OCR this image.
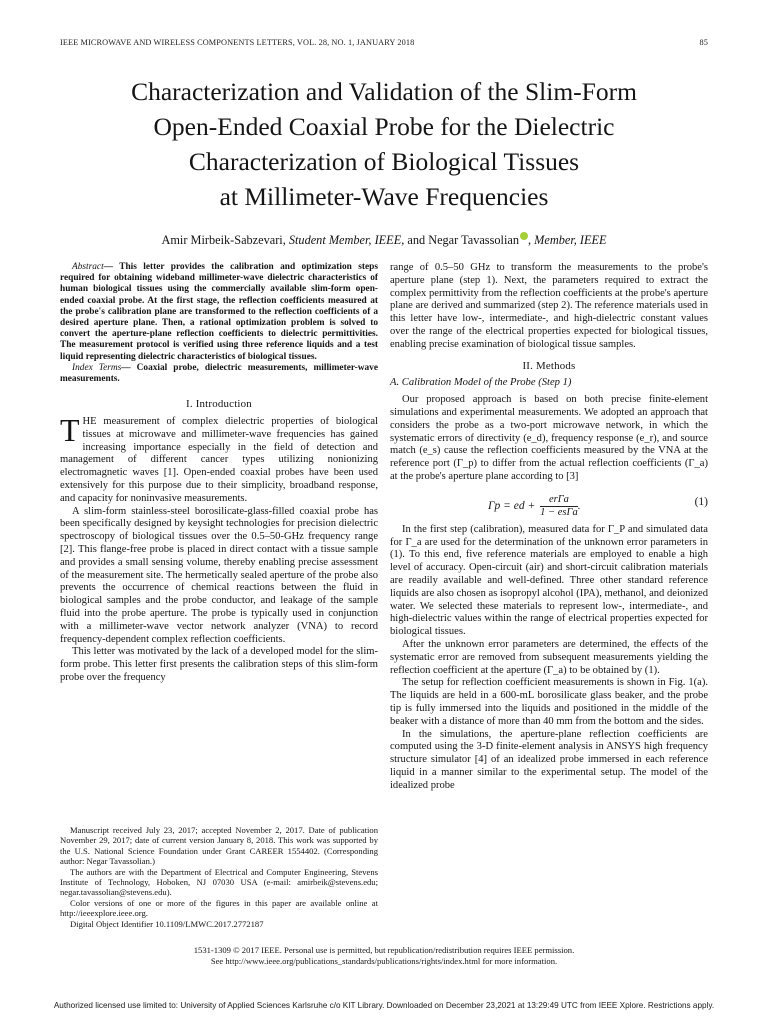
IEEE MICROWAVE AND WIRELESS COMPONENTS LETTERS, VOL. 28, NO. 1, JANUARY 2018	85
Characterization and Validation of the Slim-Form
Open-Ended Coaxial Probe for the Dielectric
Characterization of Biological Tissues
at Millimeter-Wave Frequencies
Amir Mirbeik-Sabzevari, Student Member, IEEE, and Negar Tavassolian , Member, IEEE

Abstract— This letter provides the calibration and optimization steps required for obtaining wideband millimeter-wave dielectric characteristics of human biological tissues using the commercially available slim-form open-ended coaxial probe. At the first stage, the reflection coefficients measured at the probe's calibration plane are transformed to the reflection coefficients of a desired aperture plane. Then, a rational optimization problem is solved to convert the aperture-plane reflection coefficients to dielectric permittivities. The measurement protocol is verified using three reference liquids and a test liquid representing dielectric characteristics of biological tissues.

Index Terms— Coaxial probe, dielectric measurements, millimeter-wave measurements.

I. Introduction

THE measurement of complex dielectric properties of biological tissues at microwave and millimeter-wave frequencies has gained increasing importance especially in the field of detection and management of different cancer types utilizing nonionizing electromagnetic waves [1]. Open-ended coaxial probes have been used extensively for this purpose due to their simplicity, broadband response, and capacity for noninvasive measurements.

A slim-form stainless-steel borosilicate-glass-filled coaxial probe has been specifically designed by keysight technologies for precision dielectric spectroscopy of biological tissues over the 0.5–50-GHz frequency range [2]. This flange-free probe is placed in direct contact with a tissue sample and provides a small sensing volume, thereby enabling precise assessment of the measurement site. The hermetically sealed aperture of the probe also prevents the occurrence of chemical reactions between the fluid in biological samples and the probe conductor, and leakage of the sample fluid into the probe aperture. The probe is typically used in conjunction with a millimeter-wave vector network analyzer (VNA) to record frequency-dependent complex reflection coefficients.

This letter was motivated by the lack of a developed model for the slim-form probe. This letter first presents the calibration steps of this slim-form probe over the frequency

range of 0.5–50 GHz to transform the measurements to the probe's aperture plane (step 1). Next, the parameters required to extract the complex permittivity from the reflection coefficients at the probe's aperture plane are derived and summarized (step 2). The reference materials used in this letter have low-, intermediate-, and high-dielectric constant values over the range of the electrical properties expected for biological tissues, enabling precise examination of biological tissue samples.

II. Methods
A. Calibration Model of the Probe (Step 1)

Our proposed approach is based on both precise finite-element simulations and experimental measurements. We adopted an approach that considers the probe as a two-port microwave network, in which the systematic errors of directivity (e_d), frequency response (e_r), and source match (e_s) cause the reflection coefficients measured by the VNA at the reference port (Γ_p) to differ from the actual reflection coefficients (Γ_a) at the probe's aperture plane according to [3]

Γp = ed + $\frac{\text{erΓa}}{\text{1 − esΓa}}$ .	(1)

In the first step (calibration), measured data for Γ_P and simulated data for Γ_a are used for the determination of the unknown error parameters in (1). To this end, five reference materials are employed to enable a high level of accuracy. Open-circuit (air) and short-circuit calibration materials are readily available and well-defined. Three other standard reference liquids are also chosen as isopropyl alcohol (IPA), methanol, and deionized water. We selected these materials to represent low-, intermediate-, and high-dielectric values within the range of electrical properties expected for biological tissues.

After the unknown error parameters are determined, the effects of the systematic error are removed from subsequent measurements yielding the reflection coefficient at the aperture (Γ_a) to be obtained by (1).

The setup for reflection coefficient measurements is shown in Fig. 1(a). The liquids are held in a 600-mL borosilicate glass beaker, and the probe tip is fully immersed into the liquids and positioned in the middle of the beaker with a distance of more than 40 mm from the bottom and the sides.

In the simulations, the aperture-plane reflection coefficients are computed using the 3-D finite-element analysis in ANSYS high frequency structure simulator [4] of an idealized probe immersed in each reference liquid in a manner similar to the experimental setup. The model of the idealized probe

Manuscript received July 23, 2017; accepted November 2, 2017. Date of publication November 29, 2017; date of current version January 8, 2018. This work was supported by the U.S. National Science Foundation under Grant CAREER 1554402. (Corresponding author: Negar Tavassolian.)

The authors are with the Department of Electrical and Computer Engineering, Stevens Institute of Technology, Hoboken, NJ 07030 USA (e-mail: amirbeik@stevens.edu; negar.tavassolian@stevens.edu).

Color versions of one or more of the figures in this paper are available online at http://ieeexplore.ieee.org.

Digital Object Identifier 10.1109/LMWC.2017.2772187

1531-1309 © 2017 IEEE. Personal use is permitted, but republication/redistribution requires IEEE permission.
See http://www.ieee.org/publications_standards/publications/rights/index.html for more information.
Authorized licensed use limited to: University of Applied Sciences Karlsruhe c/o KIT Library. Downloaded on December 23,2021 at 13:29:49 UTC from IEEE Xplore. Restrictions apply.
